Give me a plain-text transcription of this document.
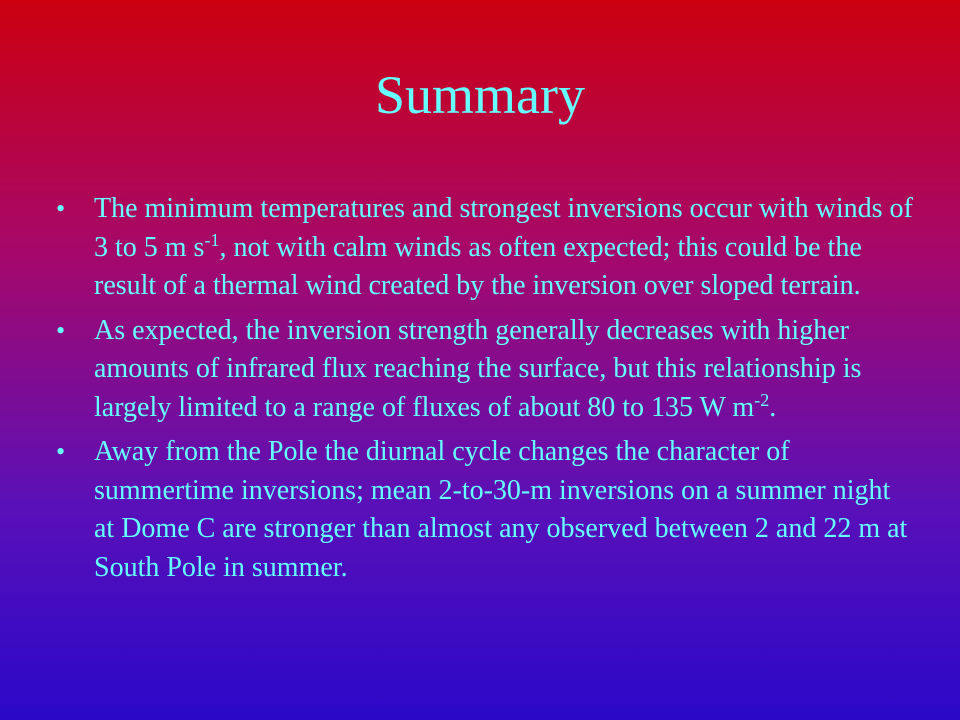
Summary
• The minimum temperatures and strongest inversions occur with winds of 3 to 5 m $s^{-1}$, not with calm winds as often expected; this could be the result of a thermal wind created by the inversion over sloped terrain.
• As expected, the inversion strength generally decreases with higher amounts of infrared flux reaching the surface, but this relationship is largely limited to a range of fluxes of about 80 to 135 W $m^{-2}$.
• Away from the Pole the diurnal cycle changes the character of summertime inversions; mean 2-to-30-m inversions on a summer night at Dome C are stronger than almost any observed between 2 and 22 m at South Pole in summer.
